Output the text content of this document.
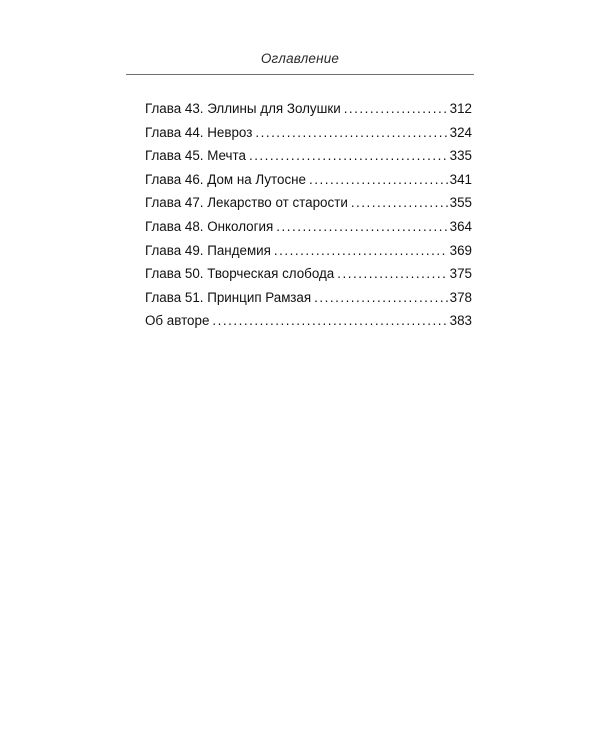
Оглавление
Глава 43. Эллины для Золушки . . .	312
Глава 44. Невроз . . .	324
Глава 45. Мечта . . .	335
Глава 46. Дом на Лутосне . . .	341
Глава 47. Лекарство от старости . . .	355
Глава 48. Онкология . . .	364
Глава 49. Пандемия . . .	369
Глава 50. Творческая слобода . . .	375
Глава 51. Принцип Рамзая . . .	378
Об авторе . . .	383
